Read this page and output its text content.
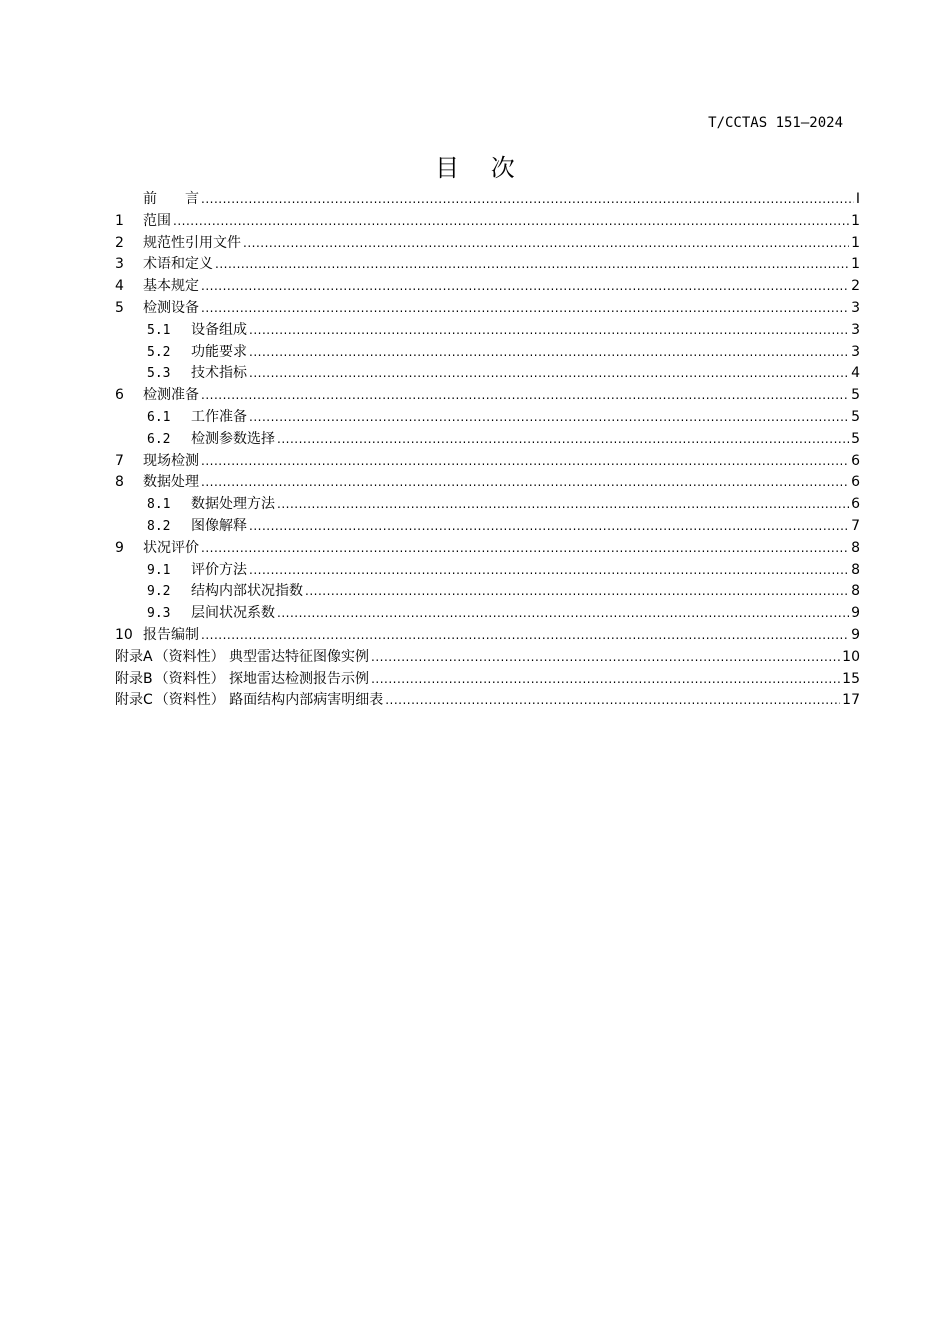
T/CCTAS 151—2024
目 次
前　　言 .....	I
1	范围 .....	1
2	规范性引用文件 .....	1
3	术语和定义 .....	1
4	基本规定 .....	2
5	检测设备 .....	3
5.1	设备组成 .....	3
5.2	功能要求 .....	3
5.3	技术指标 .....	4
6	检测准备 .....	5
6.1	工作准备 .....	5
6.2	检测参数选择 .....	5
7	现场检测 .....	6
8	数据处理 .....	6
8.1	数据处理方法 .....	6
8.2	图像解释 .....	7
9	状况评价 .....	8
9.1	评价方法 .....	8
9.2	结构内部状况指数 .....	8
9.3	层间状况系数 .....	9
10 报告编制 .....	9
附录A （资料性） 典型雷达特征图像实例 .....	10
附录B （资料性） 探地雷达检测报告示例 .....	15
附录C （资料性） 路面结构内部病害明细表 .....	17
